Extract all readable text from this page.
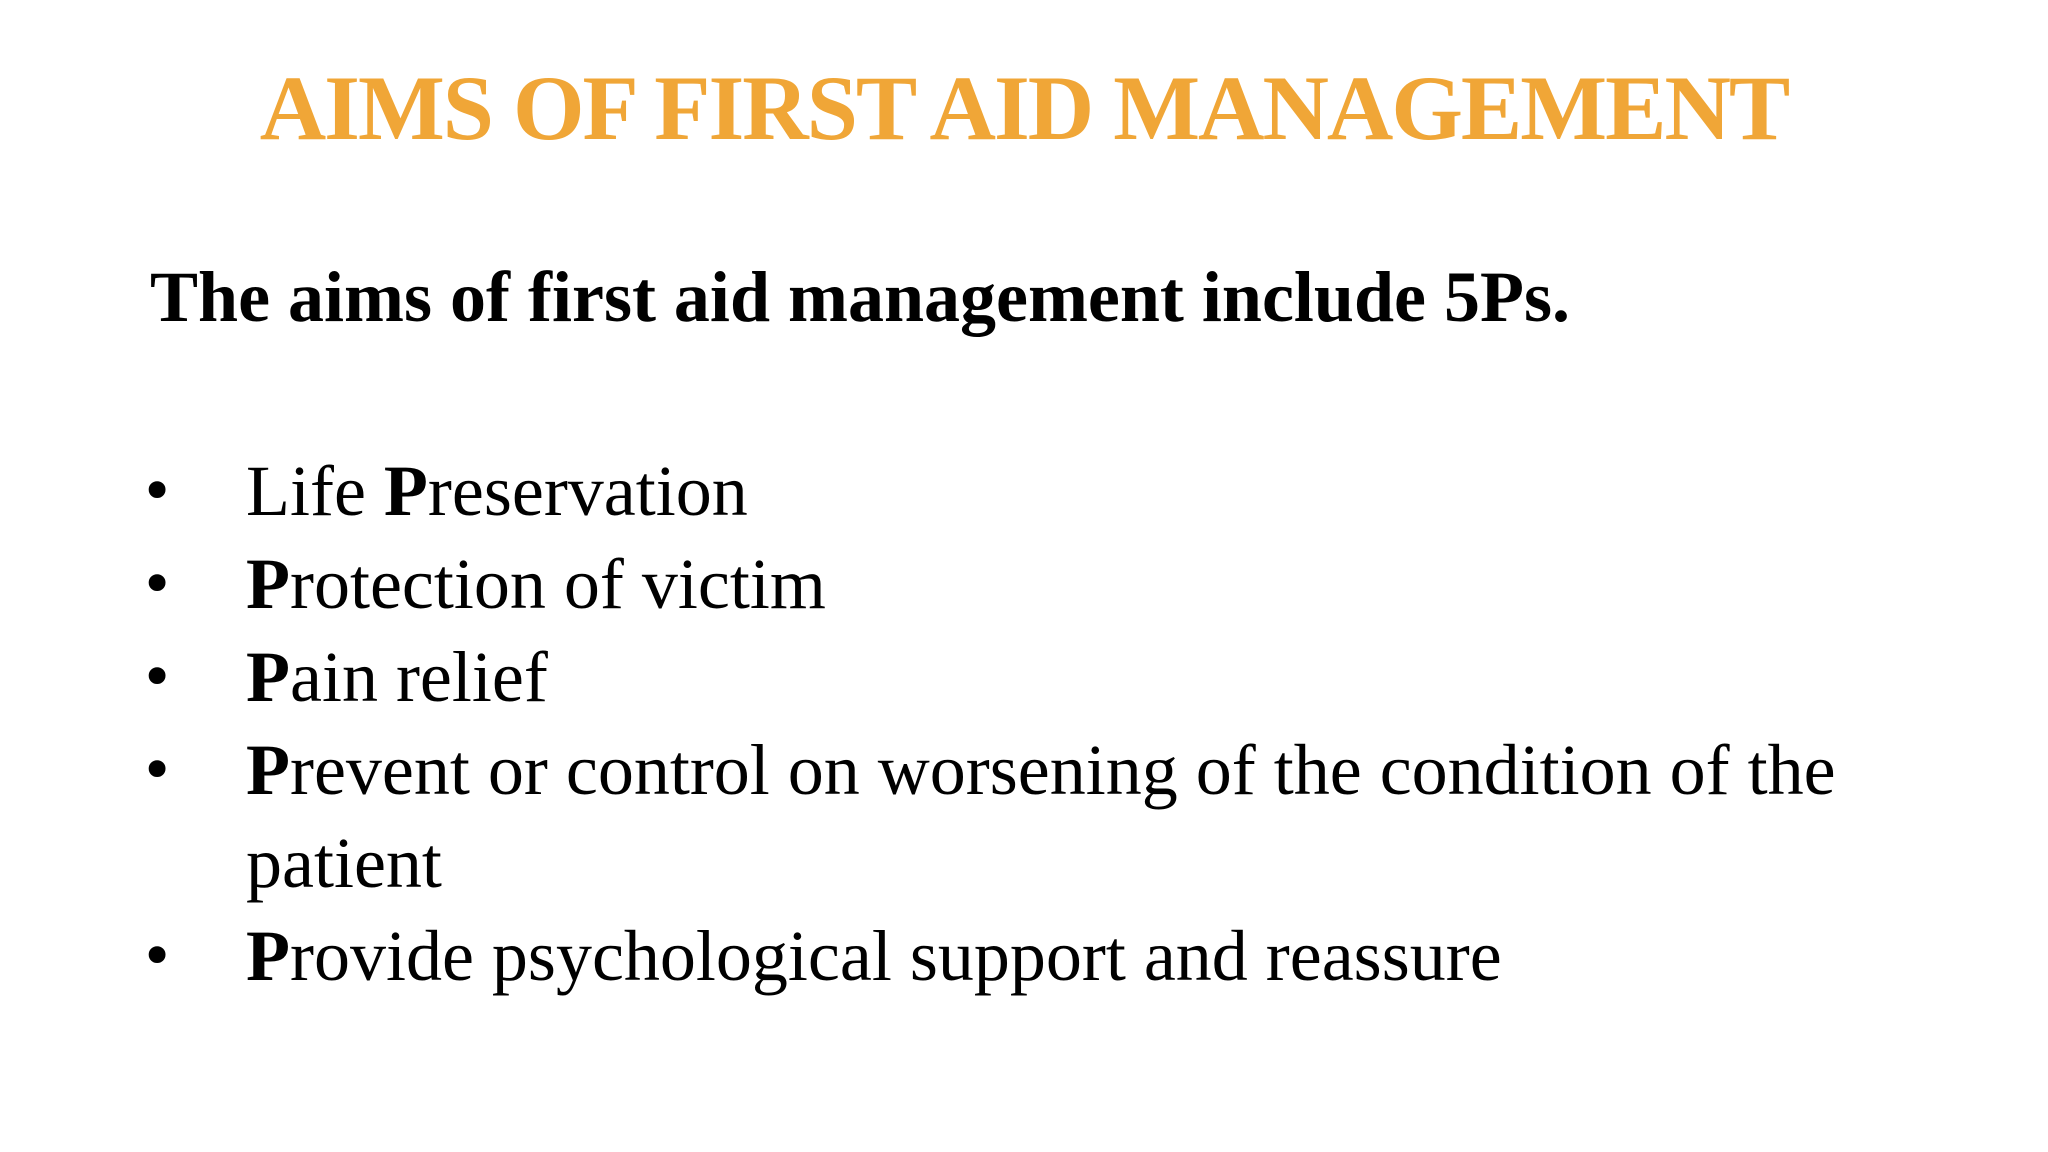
AIMS OF FIRST AID MANAGEMENT
The aims of first aid management include 5Ps.
• Life Preservation
• Protection of victim
• Pain relief
• Prevent or control on worsening of the condition of the patient
• Provide psychological support and reassure
